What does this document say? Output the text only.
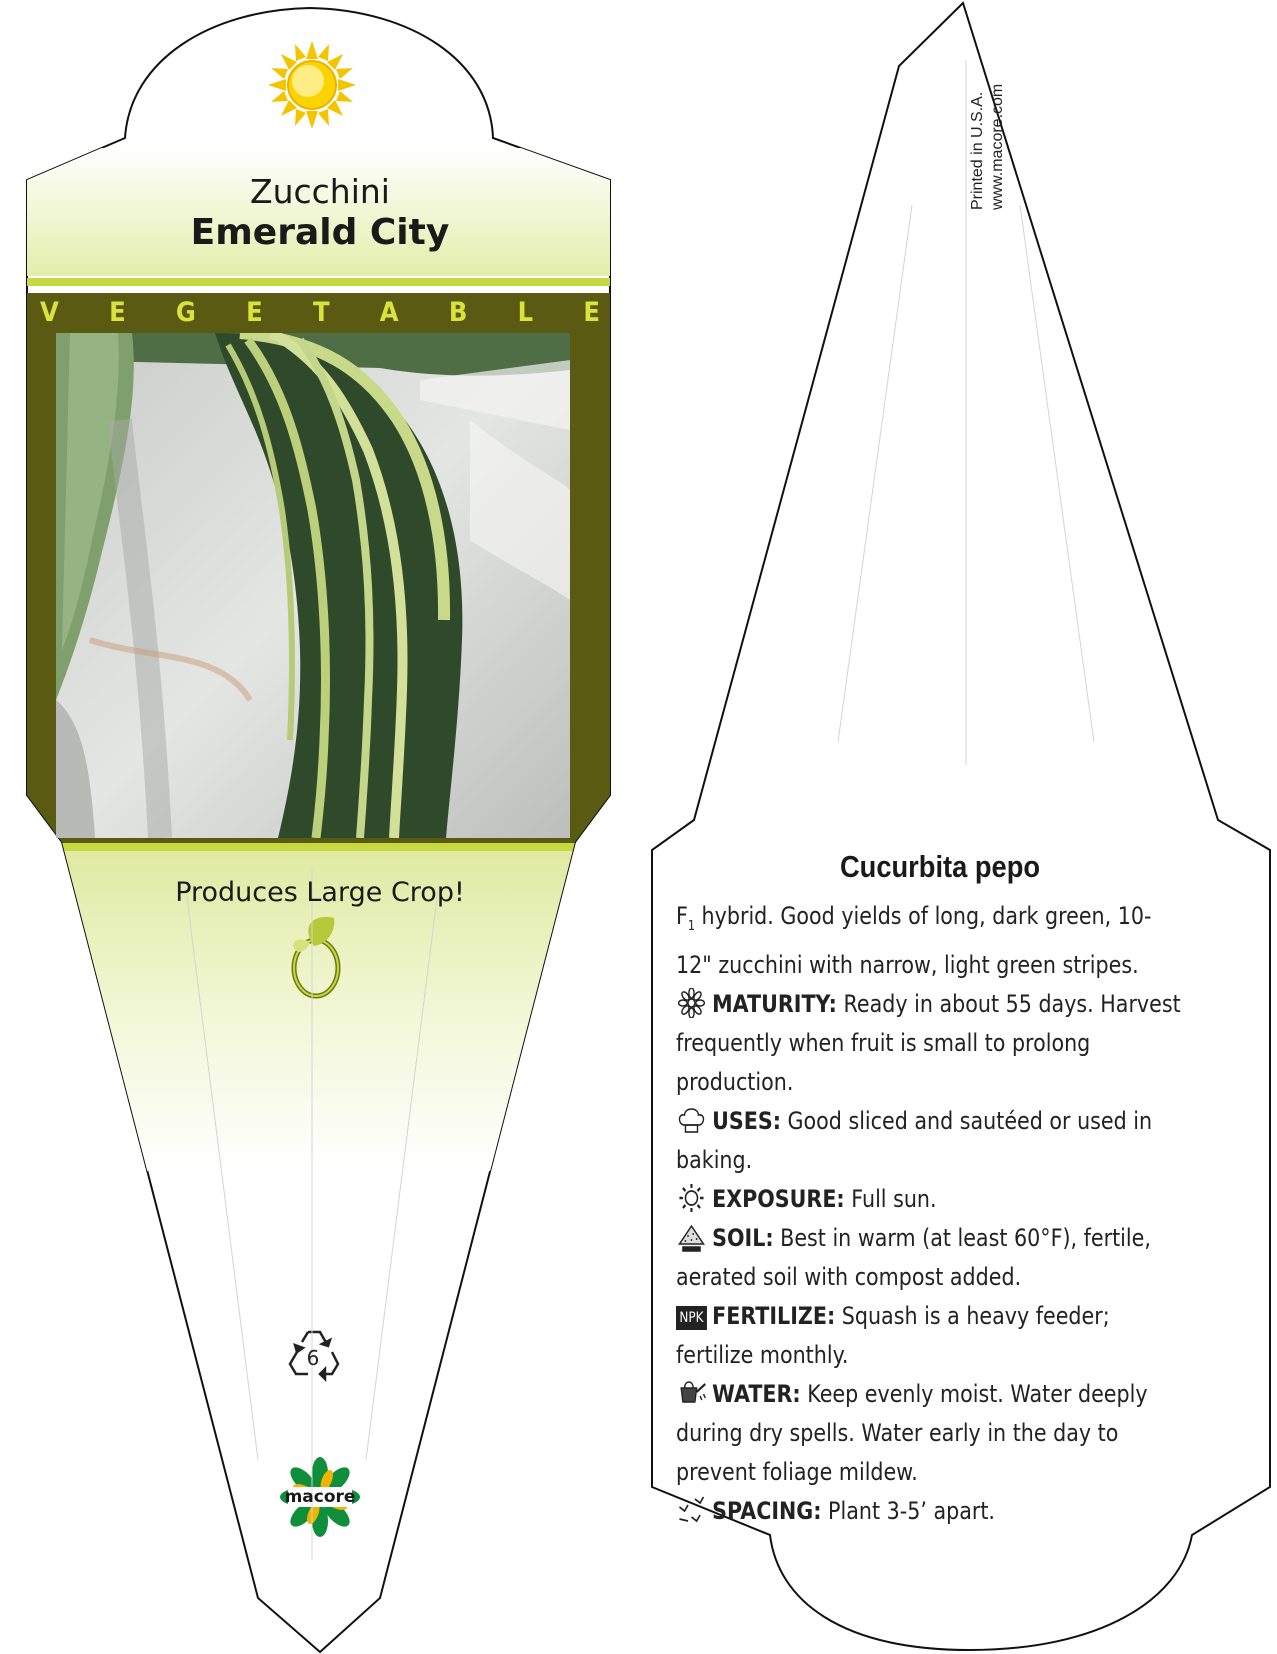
Zucchini
Emerald City
V E G E T A B L E
Produces Large Crop!
6
macore
Printed in U.S.A. www.macore.com
Cucurbita pepo

$F_1$ hybrid. Good yields of long, dark green, 10-12" zucchini with narrow, light green stripes.

MATURITY: Ready in about 55 days. Harvest frequently when fruit is small to prolong production.

USES: Good sliced and sautéed or used in baking.

EXPOSURE: Full sun.

SOIL: Best in warm (at least 60°F), fertile, aerated soil with compost added.

NPK FERTILIZE: Squash is a heavy feeder; fertilize monthly.

WATER: Keep evenly moist. Water deeply during dry spells. Water early in the day to prevent foliage mildew.

SPACING: Plant 3-5’ apart.
